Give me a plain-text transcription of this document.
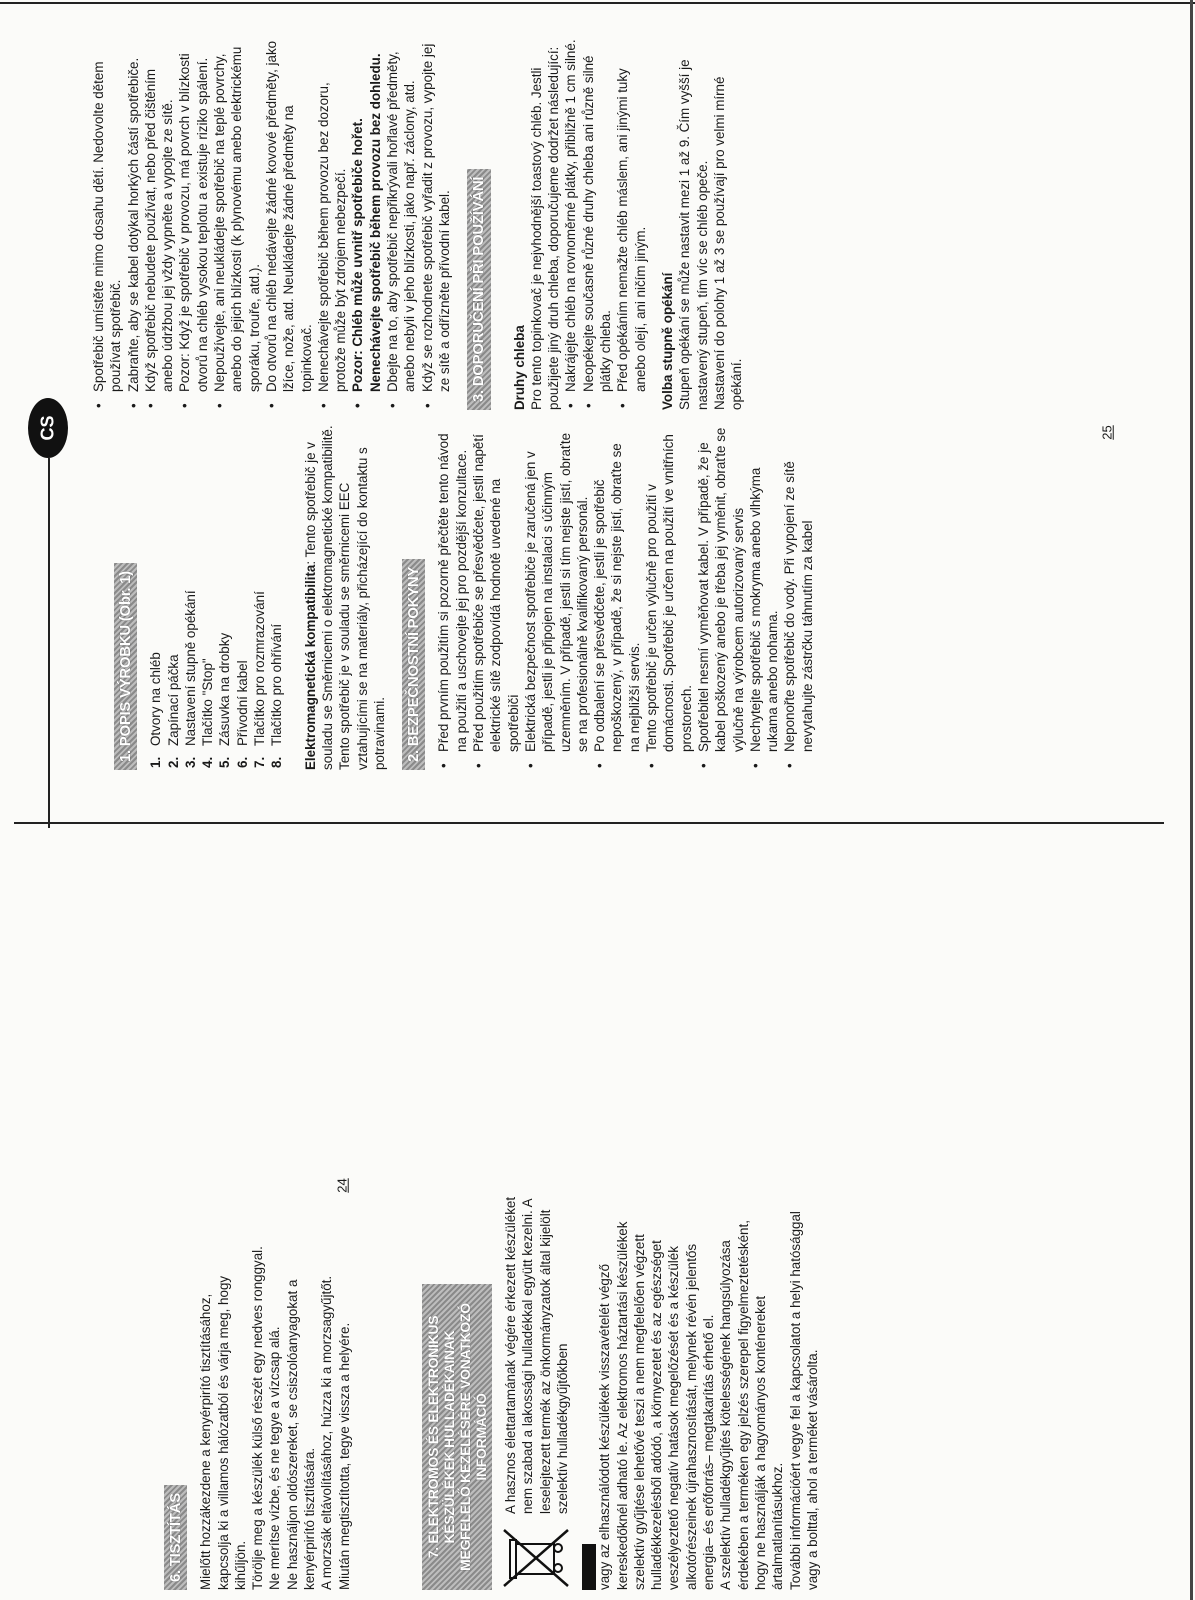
CS
6. TISZTÍTÁS Mielőtt hozzákezdene a kenyérpirító tisztításához, kapcsolja ki a villamos hálózatból és várja meg, hogy kihűljön. Törölje meg a készülék külső részét egy nedves ronggyal. Ne merítse vízbe, és ne tegye a vízcsap alá. Ne használjon oldószereket, se csiszolóanyagokat a kenyérpirító tisztítására. A morzsák eltávolításához, húzza ki a morzsagyűjtőt. Miután megtisztította, tegye vissza a helyére.	7. ELEKTROMOS ÉS ELEKTRONIKUS KÉSZÜLÉKEK HULLADÉKAINAK MEGFELELŐ KEZELÉSÉRE VONATKOZÓ INFORMÁCIÓ A hasznos élettartamának végére érkezett készüléket nem szabad a lakossági hulladékkal együtt kezelni. A leselejtezett termék az önkormányzatok által kijelölt szelektív hulladékgyűjtőkben vagy az elhasználódott készülékek visszavételét végző kereskedőknél adható le. Az elektromos háztartási készülékek szelektív gyűjtése lehetővé teszi a nem megfelelően végzett hulladékkezelésből adódó, a környezetet és az egészséget veszélyeztető negatív hatások megelőzését és a készülék alkotórészeinek újrahasznosítását, melynek révén jelentős energia– és erőforrás– megtakarítás érhető el. A szelektív hulladékgyűjtés kötelességének hangsúlyozása érdekében a terméken egy jelzés szerepel figyelmeztetésként, hogy ne használják a hagyományos konténereket ártalmatlanításukhoz. További információért vegye fel a kapcsolatot a helyi hatósággal vagy a bolttal, ahol a terméket vásárolta.

24
1. POPIS VÝROBKU (Obr. 1)
1.
Otvory na chléb
2.
Zapínací páčka
3.
Nastavení stupně opékání
4.
Tlačítko "Stop"
5.
Zásuvka na drobky
6.
Přívodní kabel
7.
Tlačítko pro rozmrazování
8.
Tlačítko pro ohřívání Elektromagnetická kompatibilita: Tento spotřebič je v souladu se Směrnicemi o elektromagnetické kompatibilitě. Tento spotřebič je v souladu se směrnicemi EEC vztahujícími se na materiály, přicházející do kontaktu s potravinami. 2. BEZPEČNOSTNÍ POKYNY • Před prvním použitím si pozorně přečtěte tento návod na použití a uschovejte jej pro pozdější konzultace. • Před použitím spotřebiče se přesvědčete, jestli napětí elektrické sítě zodpovídá hodnotě uvedené na spotřebiči • Elektrická bezpečnost spotřebiče je zaručená jen v případě, jestli je připojen na instalaci s účinným uzemněním. V případě, jestli si tím nejste jistí, obraťte se na profesionálně kvalifikovaný personál. • Po odbalení se přesvědčete, jestli je spotřebič nepoškozený, v případě, že si nejste jistí, obraťte se na nejbližší servis. • Tento spotřebič je určen výlučně pro použití v domácnosti. Spotřebič je určen na použití ve vnitřních prostorech. • Spotřebitel nesmí vyměňovat kabel. V případě, že je kabel poškozený anebo je třeba jej vyměnit, obraťte se výlučně na výrobcem autorizovaný servis • Nechytejte spotřebič s mokryma anebo vlhkýma rukama anebo nohama. • Neponořte spotřebič do vody. Při vypojení ze sítě nevytahujte zástrčku táhnutím za kabel
• Spotřebič umístěte mimo dosahu dětí. Nedovolte dětem používat spotřebič. • Zabraňte, aby se kabel dotýkal horkých částí spotřebiče. • Když spotřebič nebudete používat, nebo před čištěním anebo údržbou jej vždy vypněte a vypojte ze sítě. • Pozor: Když je spotřebič v provozu, má povrch v blízkosti otvorů na chléb vysokou teplotu a existuje riziko spálení. • Nepoužívejte, ani neukládejte spotřebič na teplé povrchy, anebo do jejich blízkosti (k plynovému anebo elektrickému sporáku, trouře, atd.). • Do otvorů na chléb nedávejte žádné kovové předměty, jako lžíce, nože, atd. Neukládejte žádné předměty na topinkovač. • Nenechávejte spotřebič během provozu bez dozoru, protože může být zdrojem nebezpečí. • Pozor: Chléb může uvnitř spotřebiče hořet. Nenechávejte spotřebič během provozu bez dohledu. • Dbejte na to, aby spotřebič nepřikrývali hořlavé předměty, anebo nebyli v jeho blízkosti, jako např. záclony, atd. • Když se rozhodnete spotřebič vyřadit z provozu, vypojte jej ze sítě a odřízněte přívodní kabel. 3. DOPORUČENÍ PŘI POUŽÍVÁNÍ Druhy chleba Pro tento topinkovač je nejvhodnější toastový chléb. Jestli použijete jiný druh chleba, doporučujeme dodržet následující: • Nakrájejte chléb na rovnoměrné plátky, přibližně 1 cm silné. • Neopékejte současně různé druhy chleba ani různě silné plátky chleba. • Před opékáním nemažte chléb máslem, ani jinými tuky anebo olejí, ani ničím jiným. Volba stupně opékání Stupeň opékání se může nastavit mezi 1 až 9. Čím vyšší je nastavený stupeň, tím víc se chléb opeče. Nastavení do polohy 1 až 3 se používají pro velmi mírné opékání.

25
